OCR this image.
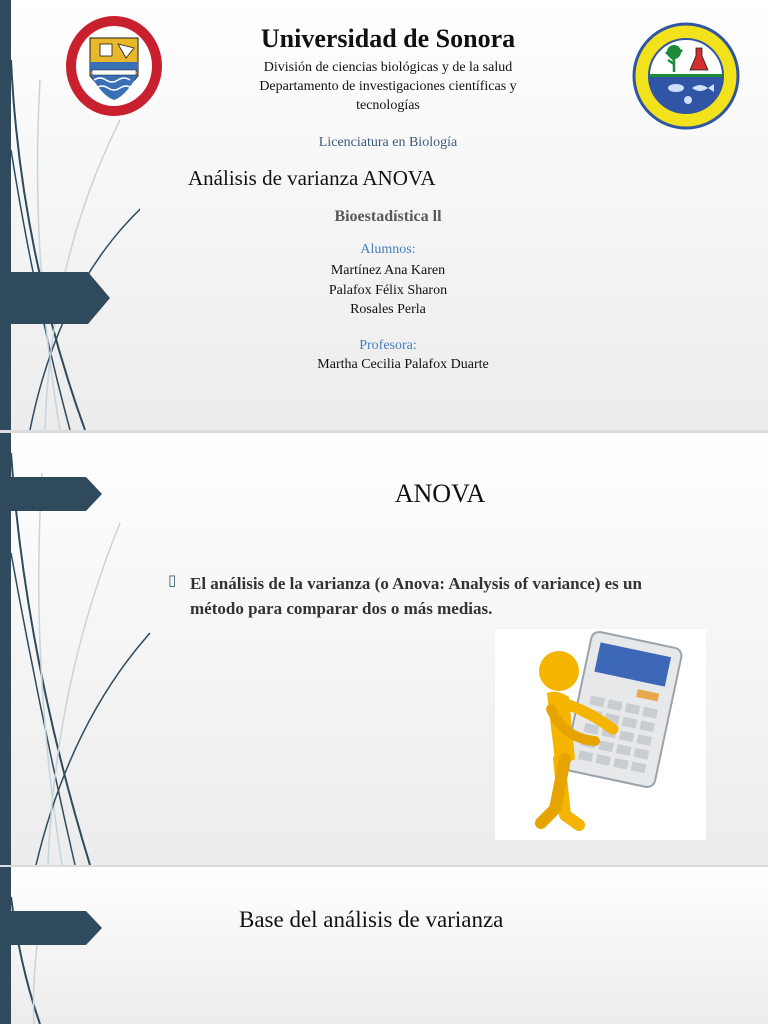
Universidad de Sonora
División de ciencias biológicas y de la salud
Departamento de investigaciones científicas y
tecnologías
Licenciatura en Biología
Análisis de varianza ANOVA
Bioestadística ll
Alumnos:
Martínez Ana Karen
Palafox Félix Sharon
Rosales Perla
Profesora:
Martha Cecilia Palafox Duarte
ANOVA
▯ El análisis de la varianza (o Anova: Analysis of variance) es un
método para comparar dos o más medias.
Base del análisis de varianza
